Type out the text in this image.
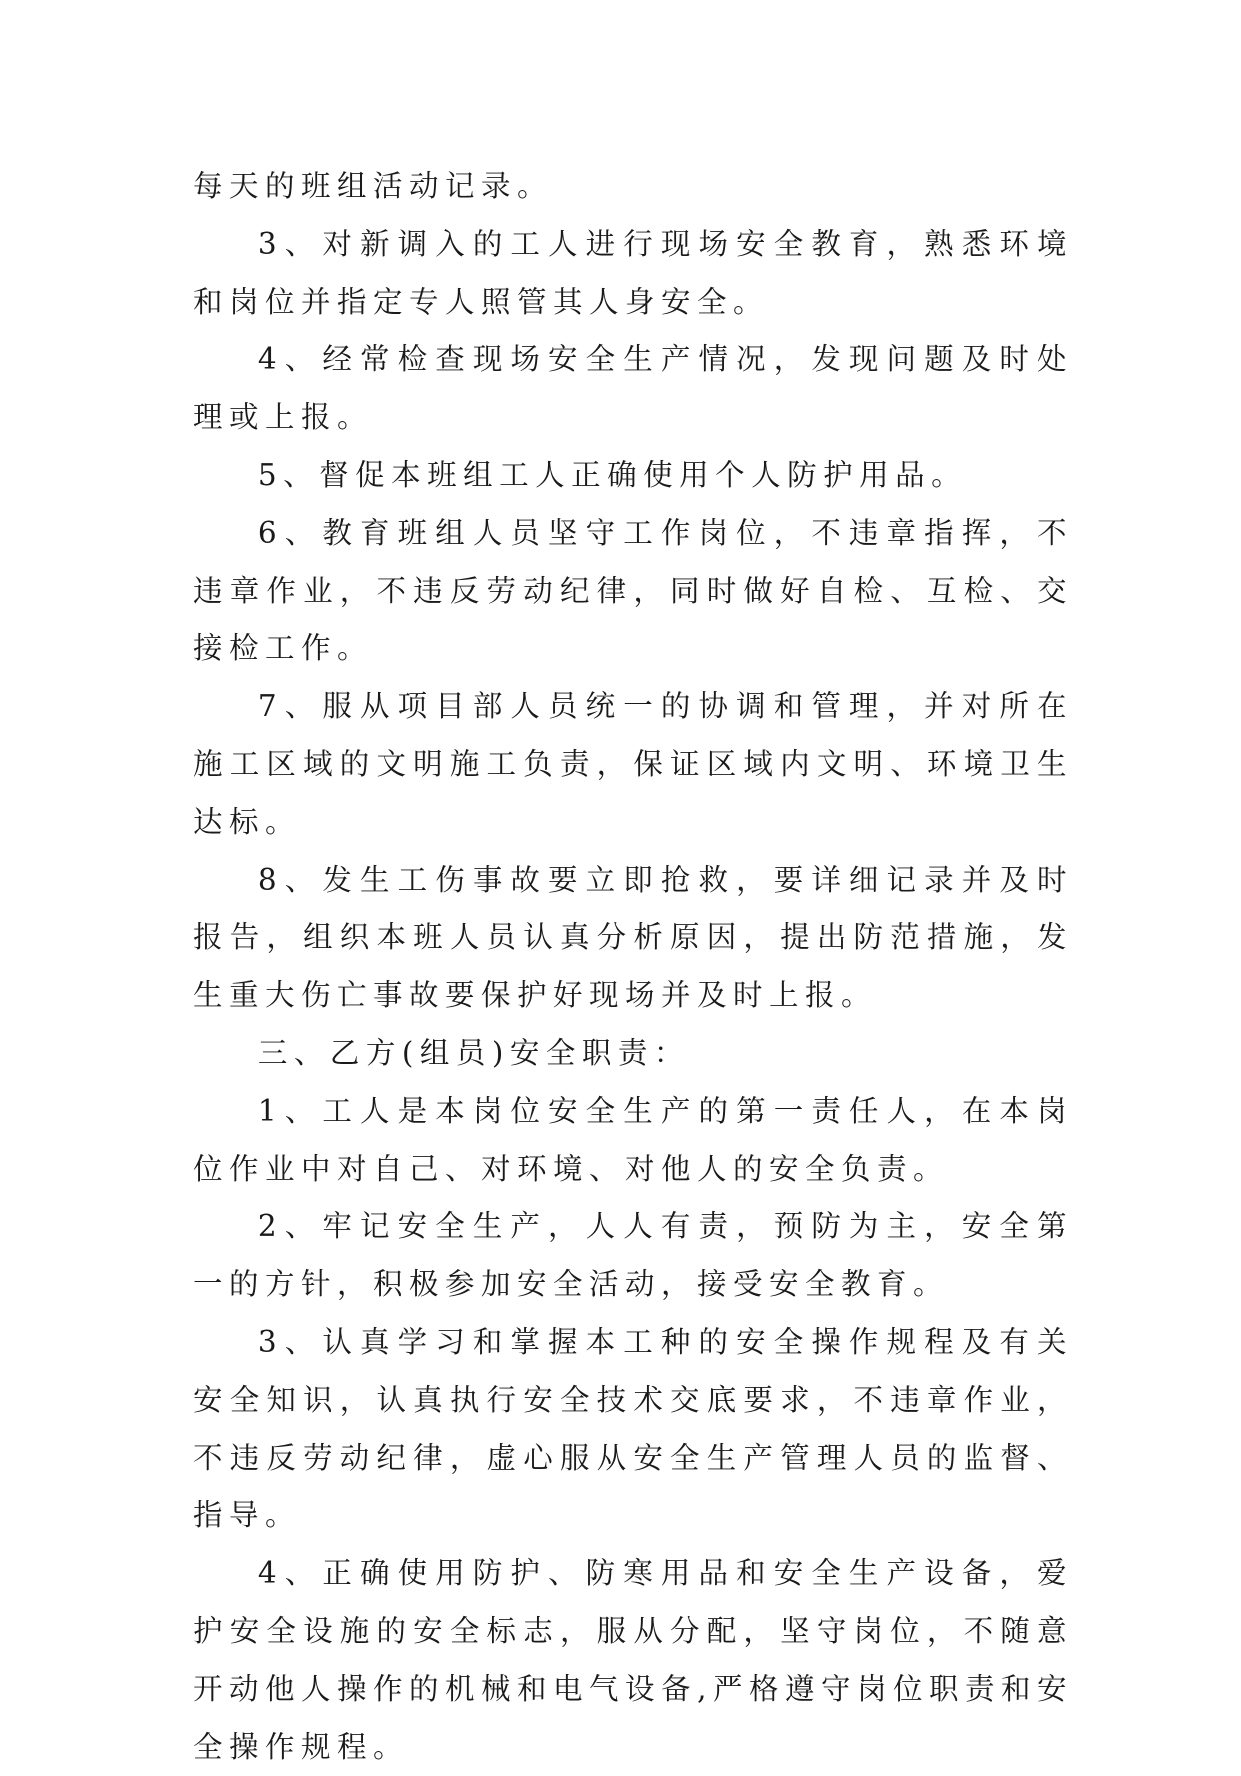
每天的班组活动记录。

3、对新调入的工人进行现场安全教育，熟悉环境和岗位并指定专人照管其人身安全。

4、经常检查现场安全生产情况，发现问题及时处理或上报。

5、督促本班组工人正确使用个人防护用品。

6、教育班组人员坚守工作岗位，不违章指挥，不违章作业，不违反劳动纪律，同时做好自检、互检、交接检工作。

7、服从项目部人员统一的协调和管理，并对所在施工区域的文明施工负责，保证区域内文明、环境卫生达标。

8、发生工伤事故要立即抢救，要详细记录并及时报告，组织本班人员认真分析原因，提出防范措施，发生重大伤亡事故要保护好现场并及时上报。

三、乙方(组员)安全职责：

1、工人是本岗位安全生产的第一责任人，在本岗位作业中对自己、对环境、对他人的安全负责。

2、牢记安全生产，人人有责，预防为主，安全第一的方针，积极参加安全活动，接受安全教育。

3、认真学习和掌握本工种的安全操作规程及有关安全知识，认真执行安全技术交底要求，不违章作业，不违反劳动纪律，虚心服从安全生产管理人员的监督、指导。

4、正确使用防护、防寒用品和安全生产设备，爱护安全设施的安全标志，服从分配，坚守岗位，不随意开动他人操作的机械和电气设备,严格遵守岗位职责和安全操作规程。
